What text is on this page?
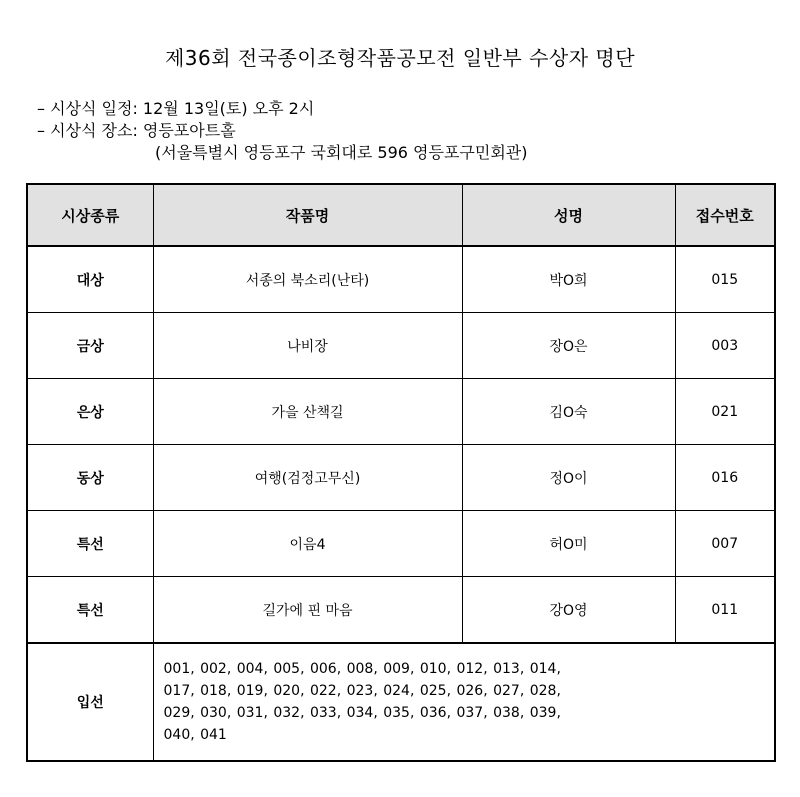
제36회 전국종이조형작품공모전 일반부 수상자 명단
– 시상식 일정: 12월 13일(토) 오후 2시
– 시상식 장소: 영등포아트홀
(서울특별시 영등포구 국회대로 596 영등포구민회관)
시상종류	작품명	성명	접수번호
대상	서종의 북소리(난타)	박O희	015
금상	나비장	장O은	003
은상	가을 산책길	김O숙	021
동상	여행(검정고무신)	정O이	016
특선	이음4	허O미	007
특선	길가에 핀 마음	강O영	011
입선	001, 002, 004, 005, 006, 008, 009, 010, 012, 013, 014,
017, 018, 019, 020, 022, 023, 024, 025, 026, 027, 028,
029, 030, 031, 032, 033, 034, 035, 036, 037, 038, 039,
040, 041		
